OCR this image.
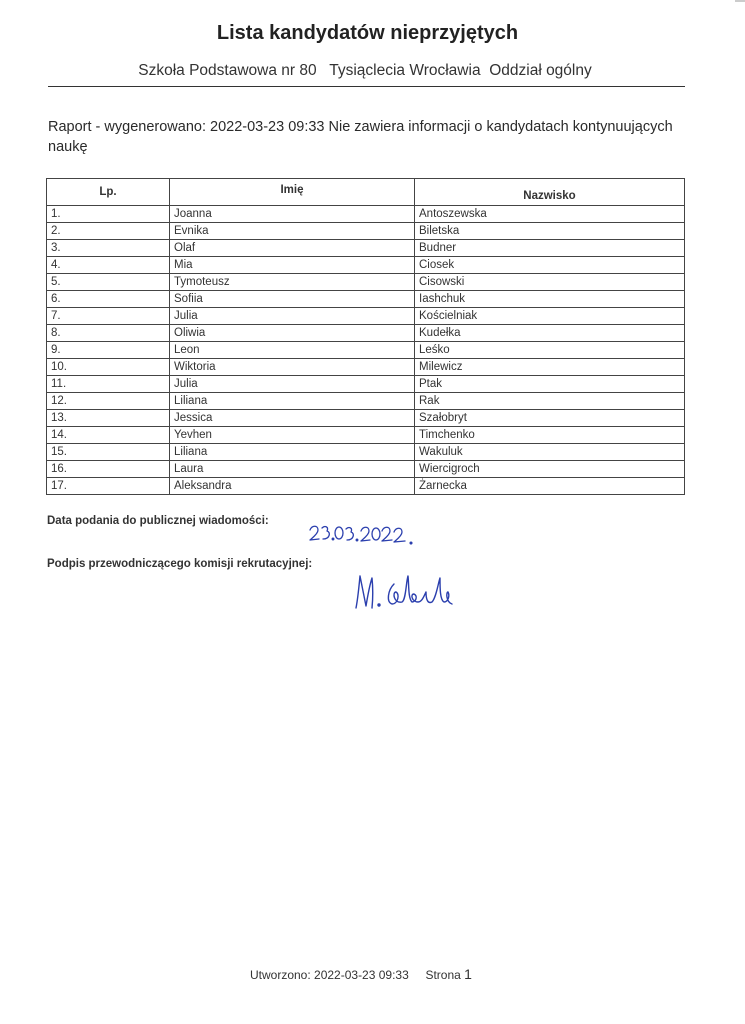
Lista kandydatów nieprzyjętych
Szkoła Podstawowa nr 80 Tysiąclecia Wrocławia Oddział ogólny
Raport - wygenerowano: 2022-03-23 09:33 Nie zawiera informacji o kandydatach kontynuujących naukę
Lp.	Imię	Nazwisko
1.	Joanna	Antoszewska
2.	Evnika	Biletska
3.	Olaf	Budner
4.	Mia	Ciosek
5.	Tymoteusz	Cisowski
6.	Sofiia	Iashchuk
7.	Julia	Kościelniak
8.	Oliwia	Kudełka
9.	Leon	Leśko
10.	Wiktoria	Milewicz
11.	Julia	Ptak
12.	Liliana	Rak
13.	Jessica	Szałobryt
14.	Yevhen	Timchenko
15.	Liliana	Wakuluk
16.	Laura	Wiercigroch
17.	Aleksandra	Żarnecka
Data podania do publicznej wiadomości:
Podpis przewodniczącego komisji rekrutacyjnej:
Utworzono: 2022-03-23 09:33 Strona 1
